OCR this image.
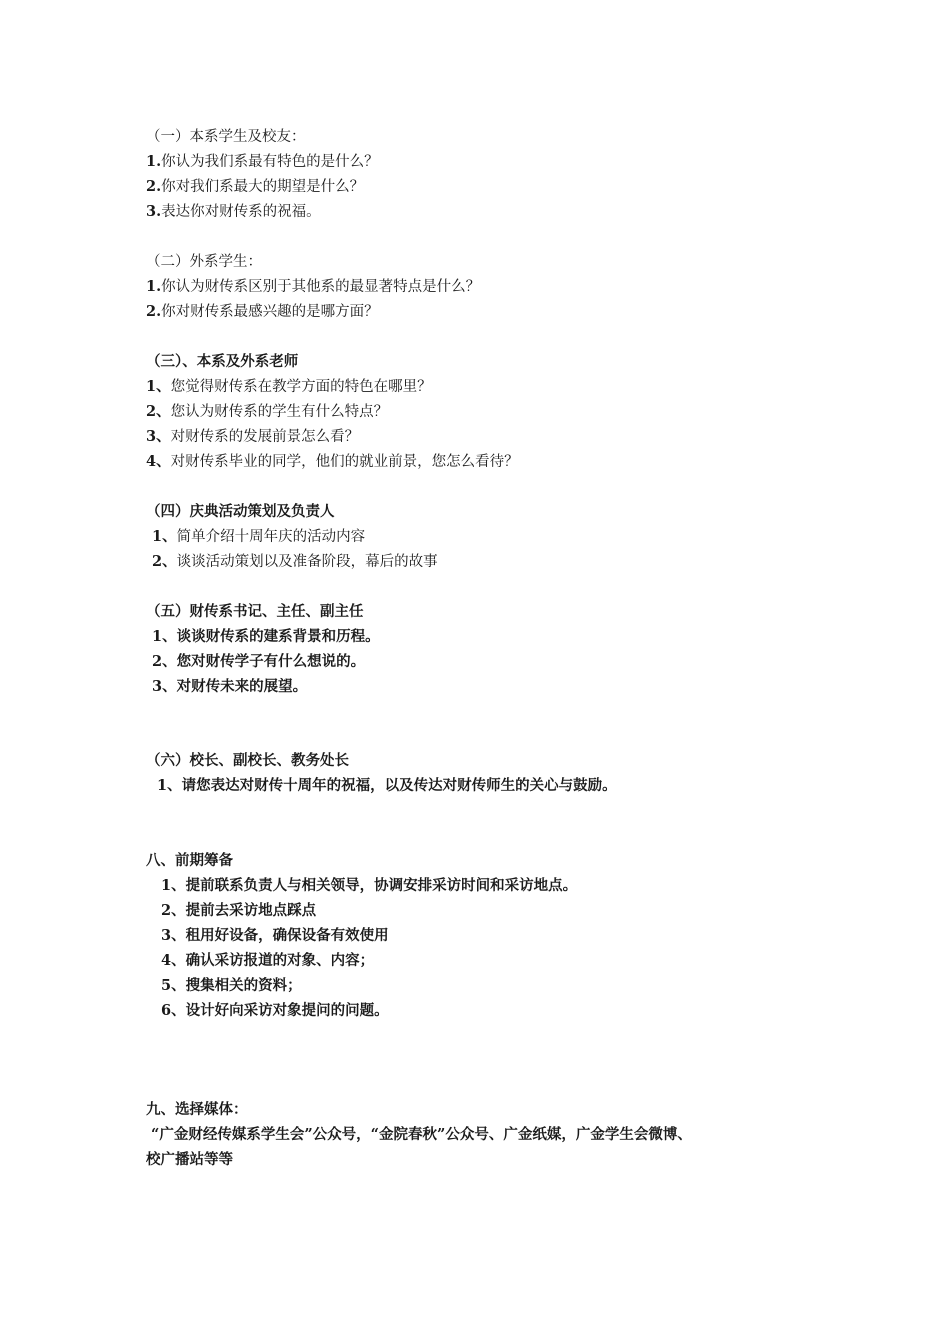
（一）本系学生及校友：
1.你认为我们系最有特色的是什么？
2.你对我们系最大的期望是什么？
3.表达你对财传系的祝福。
（二）外系学生：
1.你认为财传系区别于其他系的最显著特点是什么？
2.你对财传系最感兴趣的是哪方面？
（三）、本系及外系老师
1、您觉得财传系在教学方面的特色在哪里？
2、您认为财传系的学生有什么特点？
3、对财传系的发展前景怎么看？
4、对财传系毕业的同学，他们的就业前景，您怎么看待？
（四）庆典活动策划及负责人
1、简单介绍十周年庆的活动内容
2、谈谈活动策划以及准备阶段，幕后的故事
（五）财传系书记、主任、副主任
1、谈谈财传系的建系背景和历程。
2、您对财传学子有什么想说的。
3、对财传未来的展望。
（六）校长、副校长、教务处长
1、请您表达对财传十周年的祝福，以及传达对财传师生的关心与鼓励。
八、前期筹备
1、提前联系负责人与相关领导，协调安排采访时间和采访地点。
2、提前去采访地点踩点
3、租用好设备，确保设备有效使用
4、确认采访报道的对象、内容；
5、搜集相关的资料；
6、设计好向采访对象提问的问题。
九、选择媒体：
“广金财经传媒系学生会”公众号，“金院春秋”公众号、广金纸媒，广金学生会微博、
校广播站等等
